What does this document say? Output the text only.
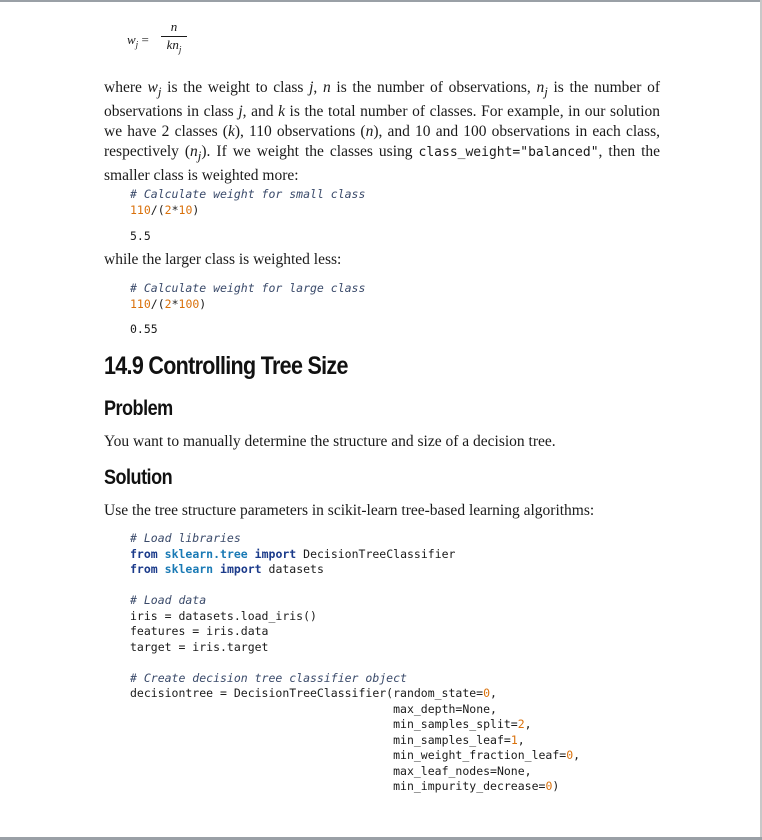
$w_j$ =
n
$kn_j$

where $w_j$ is the weight to class j, n is the number of observations, $n_j$ is the number of observations in class j, and k is the total number of classes. For example, in our solution we have 2 classes (k), 110 observations (n), and 10 and 100 observations in each class, respectively $(n_j)$. If we weight the classes using class_weight="balanced", then the smaller class is weighted more:

# Calculate weight for small class
110/(2*10)
5.5

while the larger class is weighted less:

# Calculate weight for large class
110/(2*100)
0.55
14.9 Controlling Tree Size
Problem

You want to manually determine the structure and size of a decision tree.

Solution

Use the tree structure parameters in scikit-learn tree-based learning algorithms:

# Load libraries
from sklearn.tree import DecisionTreeClassifier
from sklearn import datasets

# Load data
iris = datasets.load_iris()
features = iris.data
target = iris.target

# Create decision tree classifier object
decisiontree = DecisionTreeClassifier(random_state=0,
max_depth=None,
min_samples_split=2,
min_samples_leaf=1,
min_weight_fraction_leaf=0,
max_leaf_nodes=None,
min_impurity_decrease=0)
